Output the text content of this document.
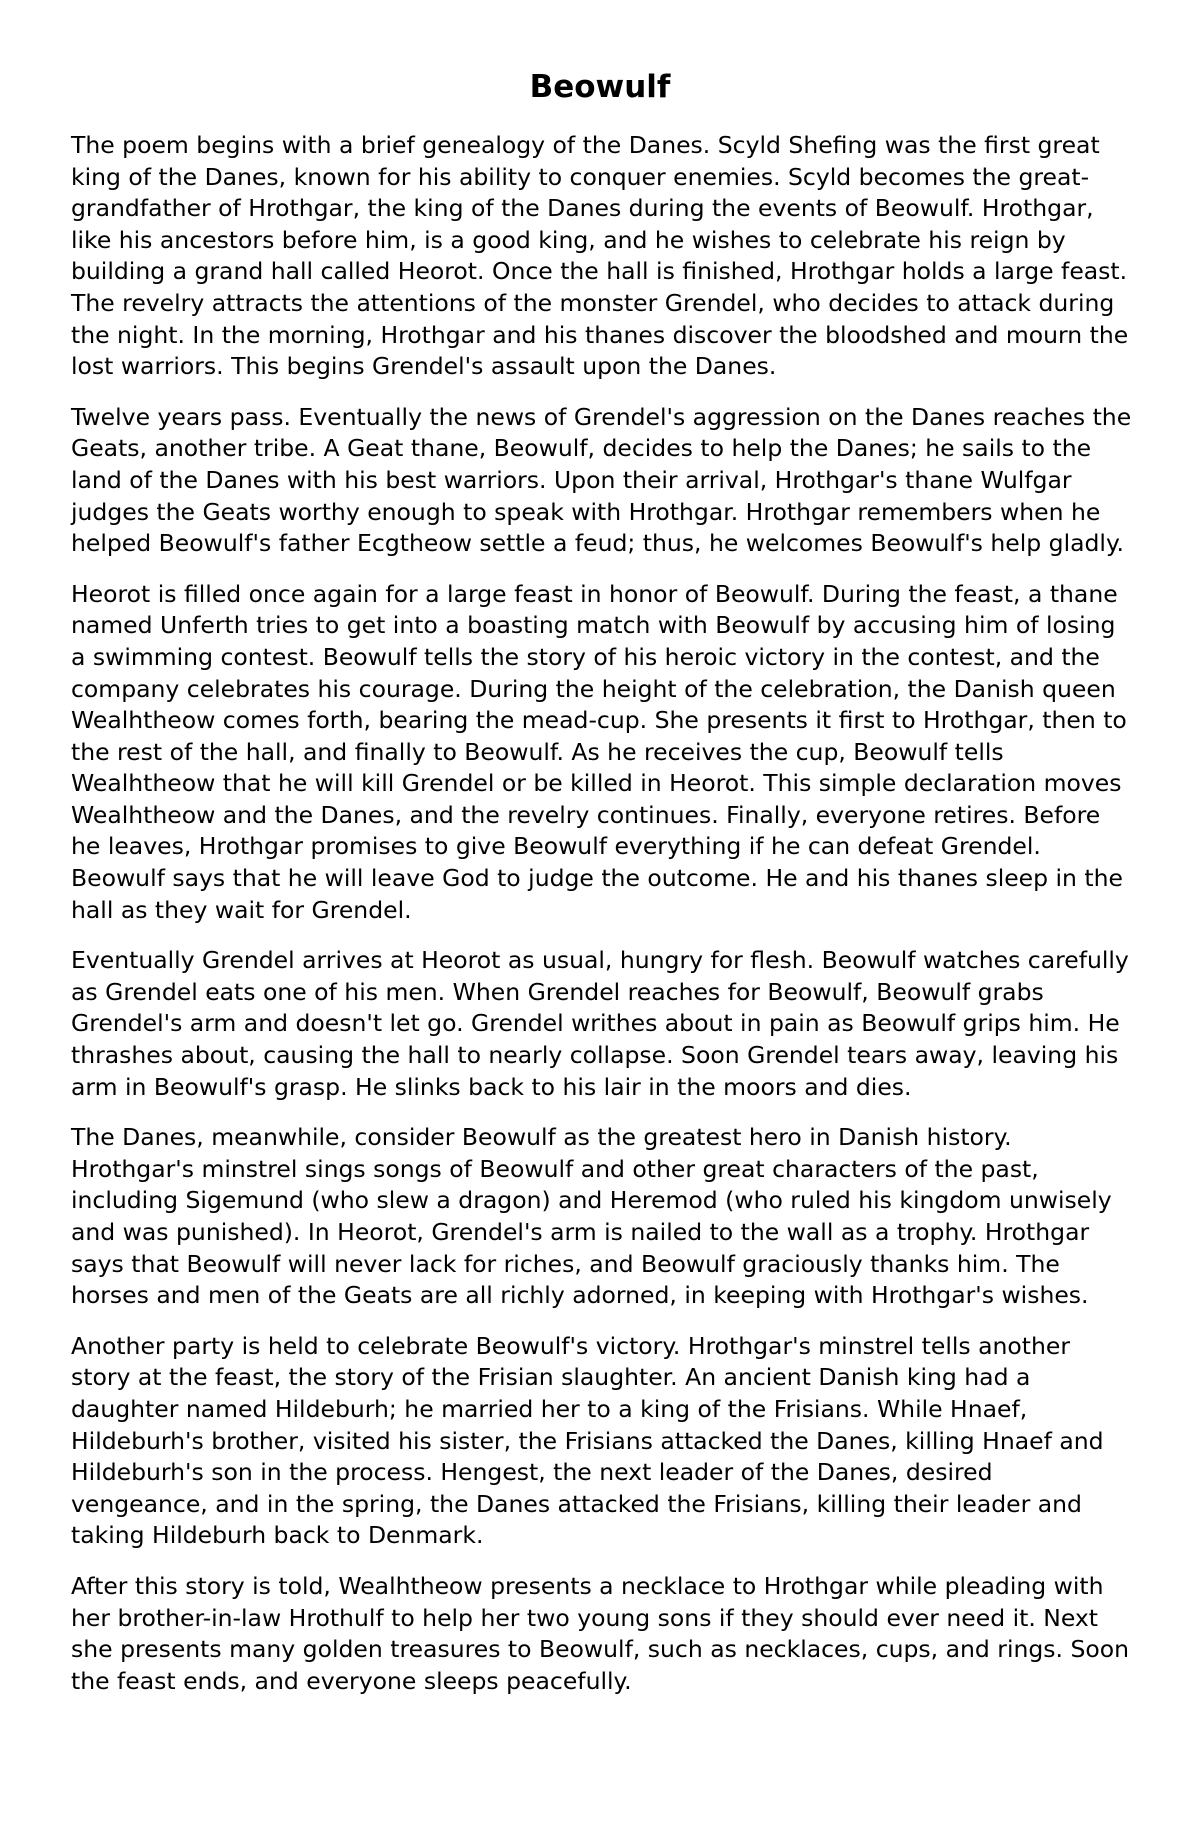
Beowulf

The poem begins with a brief genealogy of the Danes. Scyld Shefing was the first great king of the Danes, known for his ability to conquer enemies. Scyld becomes the great-grandfather of Hrothgar, the king of the Danes during the events of Beowulf. Hrothgar, like his ancestors before him, is a good king, and he wishes to celebrate his reign by building a grand hall called Heorot. Once the hall is finished, Hrothgar holds a large feast. The revelry attracts the attentions of the monster Grendel, who decides to attack during the night. In the morning, Hrothgar and his thanes discover the bloodshed and mourn the lost warriors. This begins Grendel's assault upon the Danes.

Twelve years pass. Eventually the news of Grendel's aggression on the Danes reaches the Geats, another tribe. A Geat thane, Beowulf, decides to help the Danes; he sails to the land of the Danes with his best warriors. Upon their arrival, Hrothgar's thane Wulfgar judges the Geats worthy enough to speak with Hrothgar. Hrothgar remembers when he helped Beowulf's father Ecgtheow settle a feud; thus, he welcomes Beowulf's help gladly.

Heorot is filled once again for a large feast in honor of Beowulf. During the feast, a thane named Unferth tries to get into a boasting match with Beowulf by accusing him of losing a swimming contest. Beowulf tells the story of his heroic victory in the contest, and the company celebrates his courage. During the height of the celebration, the Danish queen Wealhtheow comes forth, bearing the mead-cup. She presents it first to Hrothgar, then to the rest of the hall, and finally to Beowulf. As he receives the cup, Beowulf tells Wealhtheow that he will kill Grendel or be killed in Heorot. This simple declaration moves Wealhtheow and the Danes, and the revelry continues. Finally, everyone retires. Before he leaves, Hrothgar promises to give Beowulf everything if he can defeat Grendel. Beowulf says that he will leave God to judge the outcome. He and his thanes sleep in the hall as they wait for Grendel.

Eventually Grendel arrives at Heorot as usual, hungry for flesh. Beowulf watches carefully as Grendel eats one of his men. When Grendel reaches for Beowulf, Beowulf grabs Grendel's arm and doesn't let go. Grendel writhes about in pain as Beowulf grips him. He thrashes about, causing the hall to nearly collapse. Soon Grendel tears away, leaving his arm in Beowulf's grasp. He slinks back to his lair in the moors and dies.

The Danes, meanwhile, consider Beowulf as the greatest hero in Danish history. Hrothgar's minstrel sings songs of Beowulf and other great characters of the past, including Sigemund (who slew a dragon) and Heremod (who ruled his kingdom unwisely and was punished). In Heorot, Grendel's arm is nailed to the wall as a trophy. Hrothgar says that Beowulf will never lack for riches, and Beowulf graciously thanks him. The horses and men of the Geats are all richly adorned, in keeping with Hrothgar's wishes.

Another party is held to celebrate Beowulf's victory. Hrothgar's minstrel tells another story at the feast, the story of the Frisian slaughter. An ancient Danish king had a daughter named Hildeburh; he married her to a king of the Frisians. While Hnaef, Hildeburh's brother, visited his sister, the Frisians attacked the Danes, killing Hnaef and Hildeburh's son in the process. Hengest, the next leader of the Danes, desired vengeance, and in the spring, the Danes attacked the Frisians, killing their leader and taking Hildeburh back to Denmark.

After this story is told, Wealhtheow presents a necklace to Hrothgar while pleading with her brother-in-law Hrothulf to help her two young sons if they should ever need it. Next she presents many golden treasures to Beowulf, such as necklaces, cups, and rings. Soon the feast ends, and everyone sleeps peacefully.
